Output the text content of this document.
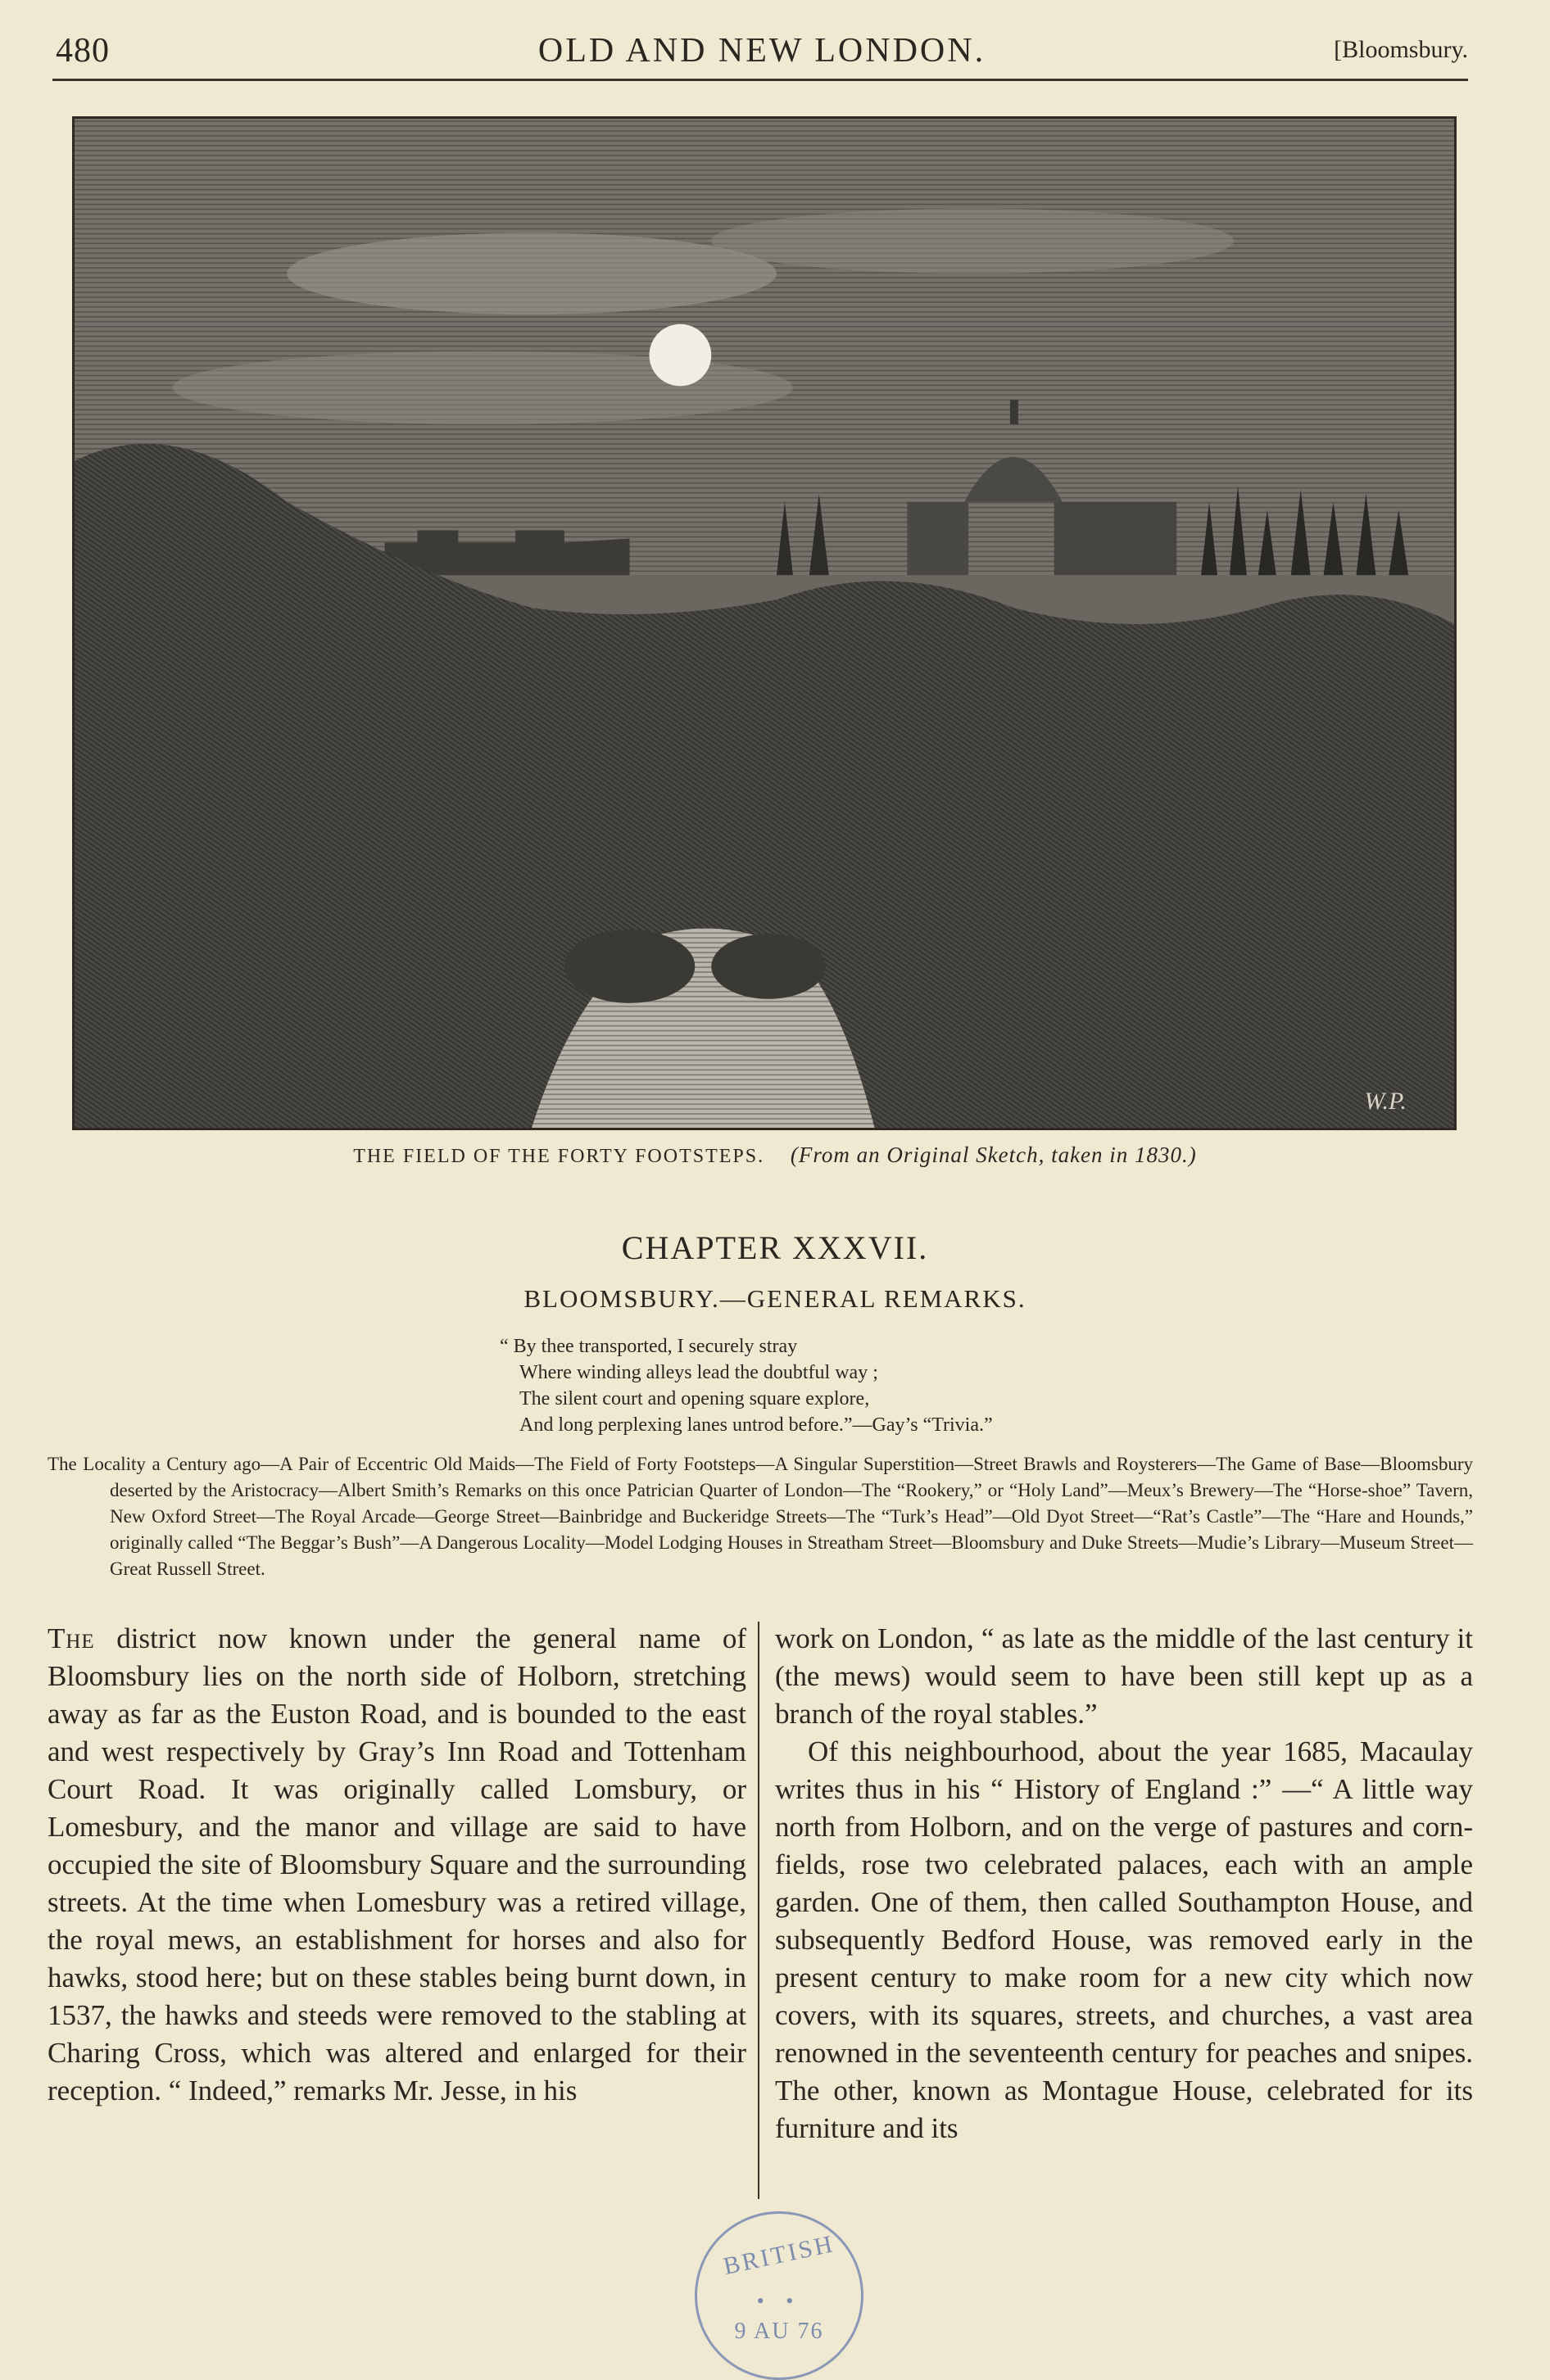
480	OLD AND NEW LONDON.	[Bloomsbury.
W.P.
THE FIELD OF THE FORTY FOOTSTEPS. (From an Original Sketch, taken in 1830.)
CHAPTER XXXVII.
BLOOMSBURY.—GENERAL REMARKS.
“ By thee transported, I securely stray
Where winding alleys lead the doubtful way ;
The silent court and opening square explore,
And long perplexing lanes untrod before.”—Gay’s “Trivia.”

The Locality a Century ago—A Pair of Eccentric Old Maids—The Field of Forty Footsteps—A Singular Superstition—Street Brawls and Roysterers—The Game of Base—Bloomsbury deserted by the Aristocracy—Albert Smith’s Remarks on this once Patrician Quarter of London—The “Rookery,” or “Holy Land”—Meux’s Brewery—The “Horse-shoe” Tavern, New Oxford Street—The Royal Arcade—George Street—Bainbridge and Buckeridge Streets—The “Turk’s Head”—Old Dyot Street—“Rat’s Castle”—The “Hare and Hounds,” originally called “The Beggar’s Bush”—A Dangerous Locality—Model Lodging Houses in Streatham Street—Bloomsbury and Duke Streets—Mudie’s Library—Museum Street—Great Russell Street.

The district now known under the general name of Bloomsbury lies on the north side of Holborn, stretching away as far as the Euston Road, and is bounded to the east and west respectively by Gray’s Inn Road and Tottenham Court Road. It was originally called Lomsbury, or Lomesbury, and the manor and village are said to have occupied the site of Bloomsbury Square and the surrounding streets. At the time when Lomesbury was a retired village, the royal mews, an establishment for horses and also for hawks, stood here; but on these stables being burnt down, in 1537, the hawks and steeds were removed to the stabling at Charing Cross, which was altered and enlarged for their reception. “ Indeed,” remarks Mr. Jesse, in his

work on London, “ as late as the middle of the last century it (the mews) would seem to have been still kept up as a branch of the royal stables.”

Of this neighbourhood, about the year 1685, Macaulay writes thus in his “ History of England :” —“ A little way north from Holborn, and on the verge of pastures and corn-fields, rose two celebrated palaces, each with an ample garden. One of them, then called Southampton House, and subsequently Bedford House, was removed early in the present century to make room for a new city which now covers, with its squares, streets, and churches, a vast area renowned in the seventeenth century for peaches and snipes. The other, known as Montague House, celebrated for its furniture and its

BRITISH
• •
9 AU 76
